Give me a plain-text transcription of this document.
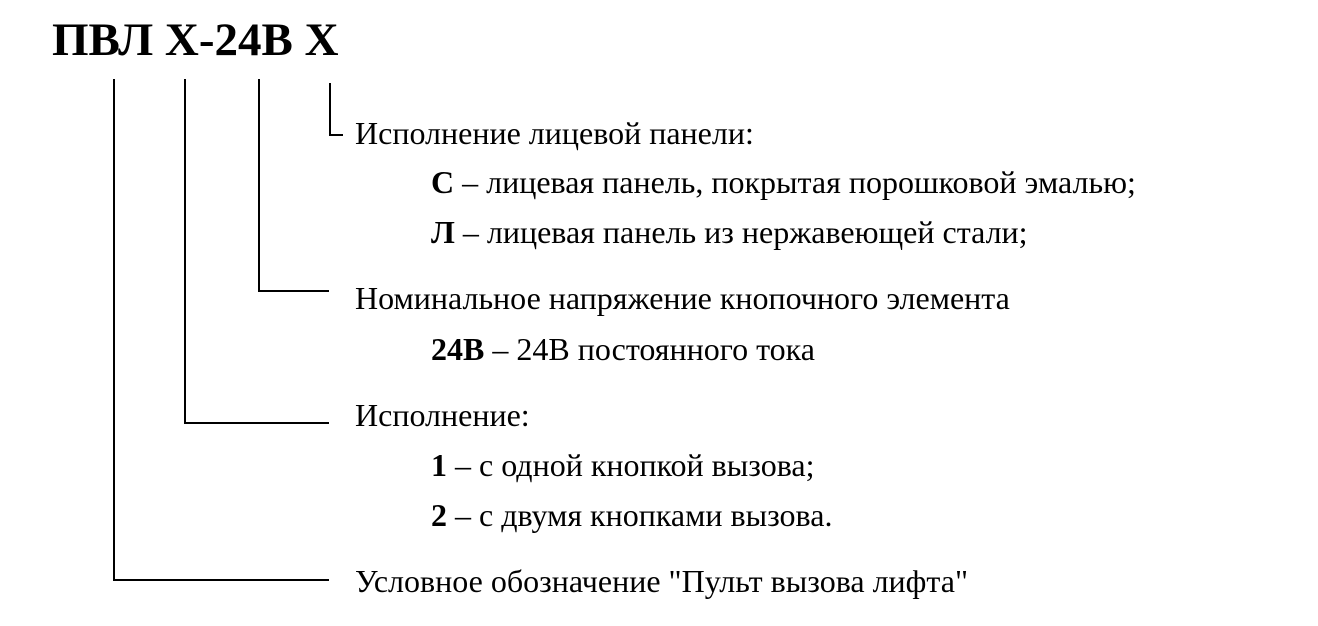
ПВЛ Х-24В Х
Исполнение лицевой панели:
С – лицевая панель, покрытая порошковой эмалью;
Л – лицевая панель из нержавеющей стали;
Номинальное напряжение кнопочного элемента
24В – 24В постоянного тока
Исполнение:
1 – с одной кнопкой вызова;
2 – с двумя кнопками вызова.
Условное обозначение "Пульт вызова лифта"
